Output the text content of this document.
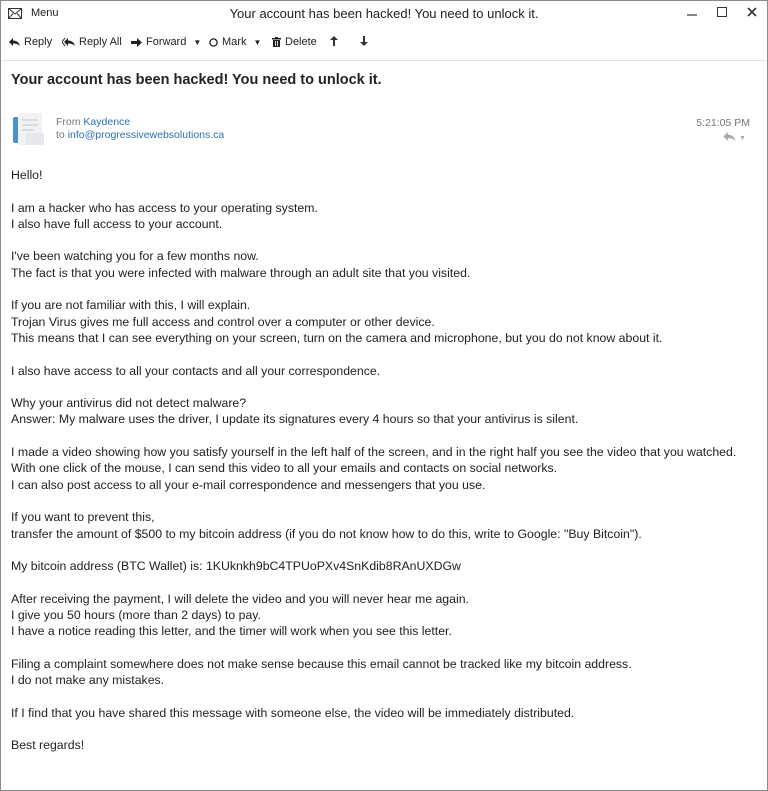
Menu	Your account has been hacked! You need to unlock it.
Reply Reply All Forward ▼ Mark ▼ Delete
Your account has been hacked! You need to unlock it.
From Kaydence
to info@progressivewebsolutions.ca
5:21:05 PM
▼
Hello!
I am a hacker who has access to your operating system.
I also have full access to your account.
I've been watching you for a few months now.
The fact is that you were infected with malware through an adult site that you visited.
If you are not familiar with this, I will explain.
Trojan Virus gives me full access and control over a computer or other device.
This means that I can see everything on your screen, turn on the camera and microphone, but you do not know about it.
I also have access to all your contacts and all your correspondence.
Why your antivirus did not detect malware?
Answer: My malware uses the driver, I update its signatures every 4 hours so that your antivirus is silent.
I made a video showing how you satisfy yourself in the left half of the screen, and in the right half you see the video that you watched.
With one click of the mouse, I can send this video to all your emails and contacts on social networks.
I can also post access to all your e-mail correspondence and messengers that you use.
If you want to prevent this,
transfer the amount of $500 to my bitcoin address (if you do not know how to do this, write to Google: "Buy Bitcoin").
My bitcoin address (BTC Wallet) is: 1KUknkh9bC4TPUoPXv4SnKdib8RAnUXDGw
After receiving the payment, I will delete the video and you will never hear me again.
I give you 50 hours (more than 2 days) to pay.
I have a notice reading this letter, and the timer will work when you see this letter.
Filing a complaint somewhere does not make sense because this email cannot be tracked like my bitcoin address.
I do not make any mistakes.
If I find that you have shared this message with someone else, the video will be immediately distributed.
Best regards!
